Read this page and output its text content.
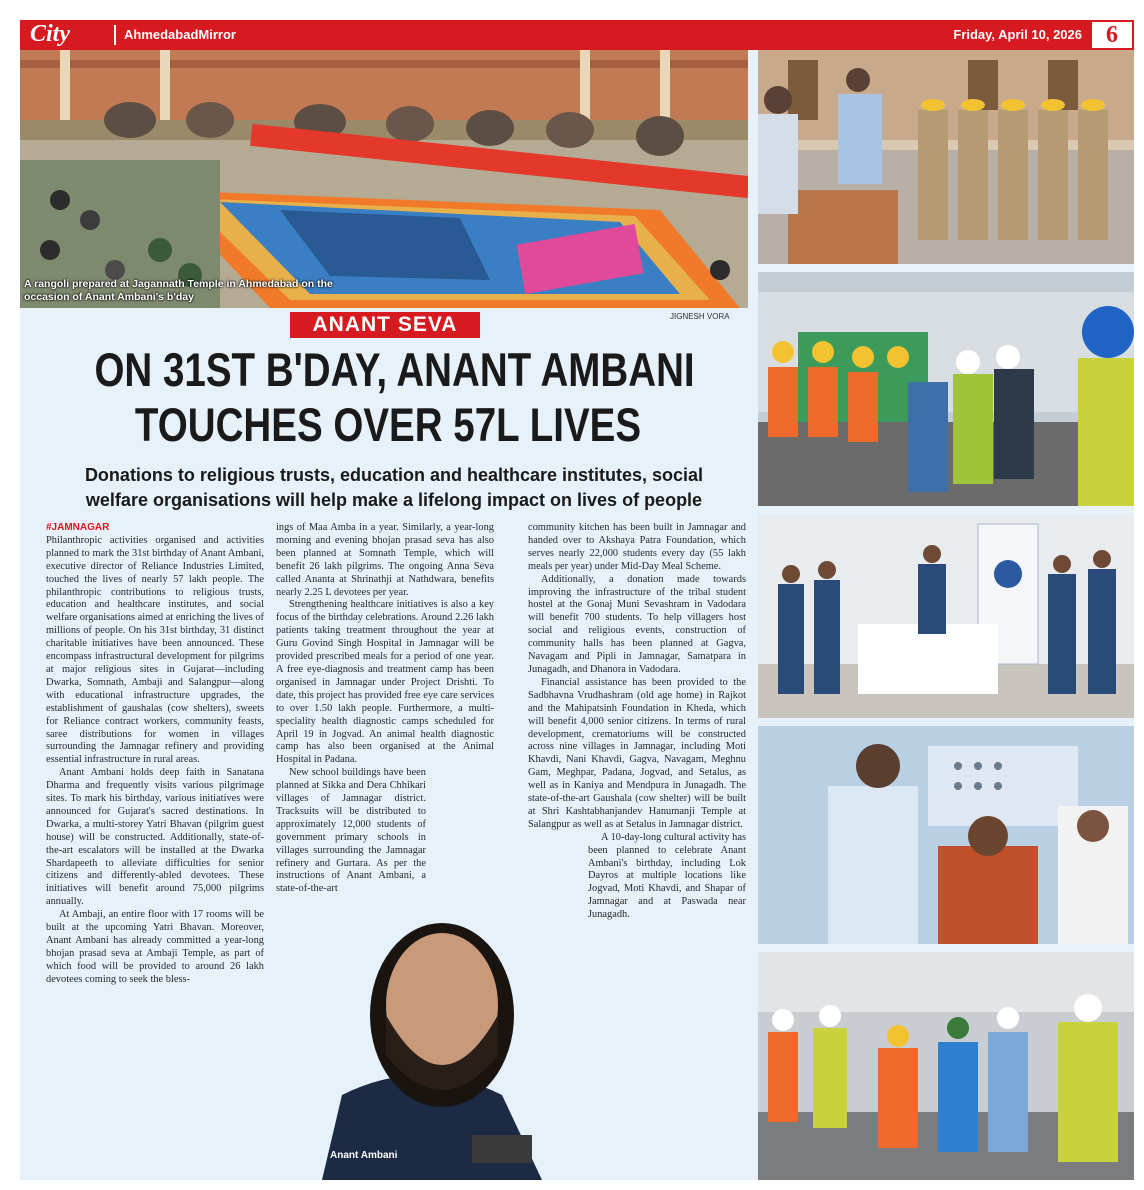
City	AhmedabadMirror	Friday, April 10, 2026	6
A rangoli prepared at Jagannath Temple in Ahmedabad on the occasion of Anant Ambani's b'day
JIGNESH VORA
ANANT SEVA
ON 31ST B'DAY, ANANT AMBANI
TOUCHES OVER 57L LIVES
Donations to religious trusts, education and healthcare institutes, social
welfare organisations will help make a lifelong impact on lives of people

#JAMNAGAR

Philanthropic activities organised and activities planned to mark the 31st birthday of Anant Ambani, executive director of Reliance Industries Limited, touched the lives of nearly 57 lakh people. The philanthropic contributions to religious trusts, education and healthcare institutes, and social welfare organisations aimed at enriching the lives of millions of people. On his 31st birthday, 31 distinct charitable initiatives have been announced. These encompass infrastructural development for pilgrims at major religious sites in Gujarat—including Dwarka, Somnath, Ambaji and Salangpur—along with educational infrastructure upgrades, the establishment of gaushalas (cow shelters), sweets for Reliance contract workers, community feasts, saree distributions for women in villages surrounding the Jamnagar refinery and providing essential infrastructure in rural areas.

Anant Ambani holds deep faith in Sanatana Dharma and frequently visits various pilgrimage sites. To mark his birthday, various initiatives were announced for Gujarat's sacred destinations. In Dwarka, a multi-storey Yatri Bhavan (pilgrim guest house) will be constructed. Additionally, state-of-the-art escalators will be installed at the Dwarka Shardapeeth to alleviate difficulties for senior citizens and differently-abled devotees. These initiatives will benefit around 75,000 pilgrims annually.

At Ambaji, an entire floor with 17 rooms will be built at the upcoming Yatri Bhavan. Moreover, Anant Ambani has already committed a year-long bhojan prasad seva at Ambaji Temple, as part of which food will be provided to around 26 lakh devotees coming to seek the bless-

ings of Maa Amba in a year. Similarly, a year-long morning and evening bhojan prasad seva has also been planned at Somnath Temple, which will benefit 26 lakh pilgrims. The ongoing Anna Seva called Ananta at Shrinathji at Nathdwara, benefits nearly 2.25 L devotees per year.

Strengthening healthcare initiatives is also a key focus of the birthday celebrations. Around 2.26 lakh patients taking treatment throughout the year at Guru Govind Singh Hospital in Jamnagar will be provided prescribed meals for a period of one year. A free eye-diagnosis and treatment camp has been organised in Jamnagar under Project Drishti. To date, this project has provided free eye care services to over 1.50 lakh people. Furthermore, a multi-speciality health diagnostic camps scheduled for April 19 in Jogvad. An animal health diagnostic camp has also been organised at the Animal Hospital in Padana.

New school buildings have been planned at Sikka and Dera Chhikari villages of Jamnagar district. Tracksuits will be distributed to approximately 12,000 students of government primary schools in villages surrounding the Jamnagar refinery and Gurtara. As per the instructions of Anant Ambani, a state-of-the-art

community kitchen has been built in Jamnagar and handed over to Akshaya Patra Foundation, which serves nearly 22,000 students every day (55 lakh meals per year) under Mid-Day Meal Scheme.

Additionally, a donation made towards improving the infrastructure of the tribal student hostel at the Gonaj Muni Sevashram in Vadodara will benefit 700 students. To help villagers host social and religious events, construction of community halls has been planned at Gagva, Navagam and Pipli in Jamnagar, Samatpara in Junagadh, and Dhanora in Vadodara.

Financial assistance has been provided to the Sadbhavna Vrudhashram (old age home) in Rajkot and the Mahipatsinh Foundation in Kheda, which will benefit 4,000 senior citizens. In terms of rural development, crematoriums will be constructed across nine villages in Jamnagar, including Moti Khavdi, Nani Khavdi, Gagva, Navagam, Meghnu Gam, Meghpar, Padana, Jogvad, and Setalus, as well as in Kaniya and Mendpura in Junagadh. The state-of-the-art Gaushala (cow shelter) will be built at Shri Kashtabhanjandev Hanumanji Temple at Salangpur as well as at Setalus in Jamnagar district.

A 10-day-long cultural activity has been planned to celebrate Anant Ambani's birthday, including Lok Dayros at multiple locations like Jogvad, Moti Khavdi, and Shapar of Jamnagar and at Paswada near Junagadh.

Anant Ambani
